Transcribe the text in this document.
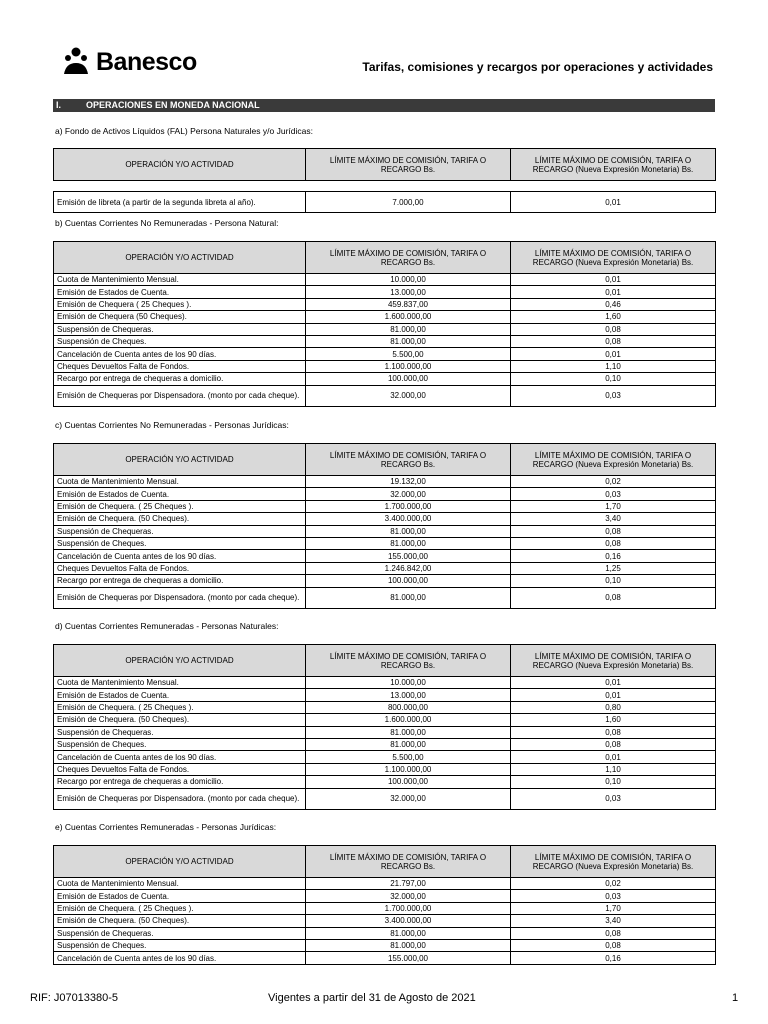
Banesco	Tarifas, comisiones y recargos por operaciones y actividades
I.	OPERACIONES EN MONEDA NACIONAL
a) Fondo de Activos Líquidos (FAL) Persona Naturales y/o Jurídicas:
OPERACIÓN Y/O ACTIVIDAD	LÍMITE MÁXIMO DE COMISIÓN, TARIFA O RECARGO Bs.	LÍMITE MÁXIMO DE COMISIÓN, TARIFA O RECARGO (Nueva Expresión Monetaria) Bs.

Emisión de libreta (a partir de la segunda libreta al año).	7.000,00	0,01
b) Cuentas Corrientes No Remuneradas - Persona Natural:
OPERACIÓN Y/O ACTIVIDAD	LÍMITE MÁXIMO DE COMISIÓN, TARIFA O RECARGO Bs.	LÍMITE MÁXIMO DE COMISIÓN, TARIFA O RECARGO (Nueva Expresión Monetaria) Bs.
Cuota de Mantenimiento Mensual.	10.000,00	0,01
Emisión de Estados de Cuenta.	13.000,00	0,01
Emisión de Chequera ( 25 Cheques ).	459.837,00	0,46
Emisión de Chequera (50 Cheques).	1.600.000,00	1,60
Suspensión de Chequeras.	81.000,00	0,08
Suspensión de Cheques.	81.000,00	0,08
Cancelación de Cuenta antes de los 90 días.	5.500,00	0,01
Cheques Devueltos Falta de Fondos.	1.100.000,00	1,10
Recargo por entrega de chequeras a domicilio.	100.000,00	0,10
Emisión de Chequeras por Dispensadora. (monto por cada cheque).	32.000,00	0,03
c) Cuentas Corrientes No Remuneradas - Personas Jurídicas:
OPERACIÓN Y/O ACTIVIDAD	LÍMITE MÁXIMO DE COMISIÓN, TARIFA O RECARGO Bs.	LÍMITE MÁXIMO DE COMISIÓN, TARIFA O RECARGO (Nueva Expresión Monetaria) Bs.
Cuota de Mantenimiento Mensual.	19.132,00	0,02
Emisión de Estados de Cuenta.	32.000,00	0,03
Emisión de Chequera. ( 25 Cheques ).	1.700.000,00	1,70
Emisión de Chequera. (50 Cheques).	3.400.000,00	3,40
Suspensión de Chequeras.	81.000,00	0,08
Suspensión de Cheques.	81.000,00	0,08
Cancelación de Cuenta antes de los 90 días.	155.000,00	0,16
Cheques Devueltos Falta de Fondos.	1.246.842,00	1,25
Recargo por entrega de chequeras a domicilio.	100.000,00	0,10
Emisión de Chequeras por Dispensadora. (monto por cada cheque).	81.000,00	0,08
d) Cuentas Corrientes Remuneradas - Personas Naturales:
OPERACIÓN Y/O ACTIVIDAD	LÍMITE MÁXIMO DE COMISIÓN, TARIFA O RECARGO Bs.	LÍMITE MÁXIMO DE COMISIÓN, TARIFA O RECARGO (Nueva Expresión Monetaria) Bs.
Cuota de Mantenimiento Mensual.	10.000,00	0,01
Emisión de Estados de Cuenta.	13.000,00	0,01
Emisión de Chequera. ( 25 Cheques ).	800.000,00	0,80
Emisión de Chequera. (50 Cheques).	1.600.000,00	1,60
Suspensión de Chequeras.	81.000,00	0,08
Suspensión de Cheques.	81.000,00	0,08
Cancelación de Cuenta antes de los 90 días.	5.500,00	0,01
Cheques Devueltos Falta de Fondos.	1.100.000,00	1,10
Recargo por entrega de chequeras a domicilio.	100.000,00	0,10
Emisión de Chequeras por Dispensadora. (monto por cada cheque).	32.000,00	0,03
e) Cuentas Corrientes Remuneradas - Personas Jurídicas:
OPERACIÓN Y/O ACTIVIDAD	LÍMITE MÁXIMO DE COMISIÓN, TARIFA O RECARGO Bs.	LÍMITE MÁXIMO DE COMISIÓN, TARIFA O RECARGO (Nueva Expresión Monetaria) Bs.
Cuota de Mantenimiento Mensual.	21.797,00	0,02
Emisión de Estados de Cuenta.	32.000,00	0,03
Emisión de Chequera. ( 25 Cheques ).	1.700.000,00	1,70
Emisión de Chequera. (50 Cheques).	3.400.000,00	3,40
Suspensión de Chequeras.	81.000,00	0,08
Suspensión de Cheques.	81.000,00	0,08
Cancelación de Cuenta antes de los 90 días.	155.000,00	0,16
RIF: J07013380-5	Vigentes a partir del 31 de Agosto de 2021	1
